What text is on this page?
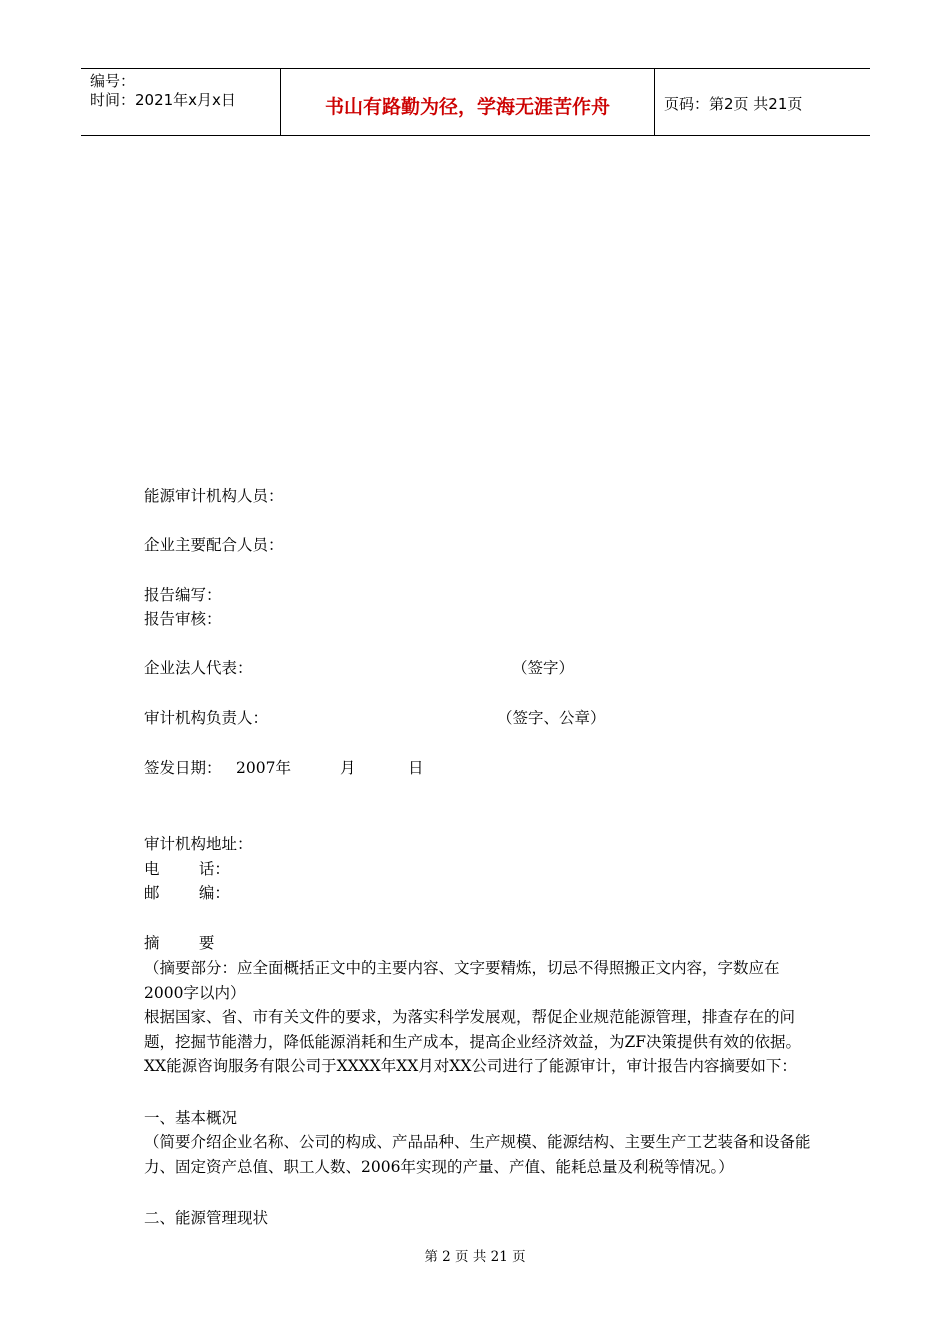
编号：
时间：2021年x月x日	书山有路勤为径，学海无涯苦作舟	页码：第2页 共21页
能源审计机构人员：
企业主要配合人员：
报告编写：
报告审核：
企业法人代表：	（签字）
审计机构负责人：	（签字、公章）
签发日期： 2007年	月	日
审计机构地址：
电        话：
邮        编：
摘        要
（摘要部分：应全面概括正文中的主要内容、文字要精炼，切忌不得照搬正文内容，字数应在2000字以内）
根据国家、省、市有关文件的要求，为落实科学发展观，帮促企业规范能源管理，排查存在的问题，挖掘节能潜力，降低能源消耗和生产成本，提高企业经济效益，为ZF决策提供有效的依据。XX能源咨询服务有限公司于XXXX年XX月对XX公司进行了能源审计，审计报告内容摘要如下：
一、基本概况
（简要介绍企业名称、公司的构成、产品品种、生产规模、能源结构、主要生产工艺装备和设备能力、固定资产总值、职工人数、2006年实现的产量、产值、能耗总量及利税等情况。）
二、能源管理现状
第 2 页 共 21 页
